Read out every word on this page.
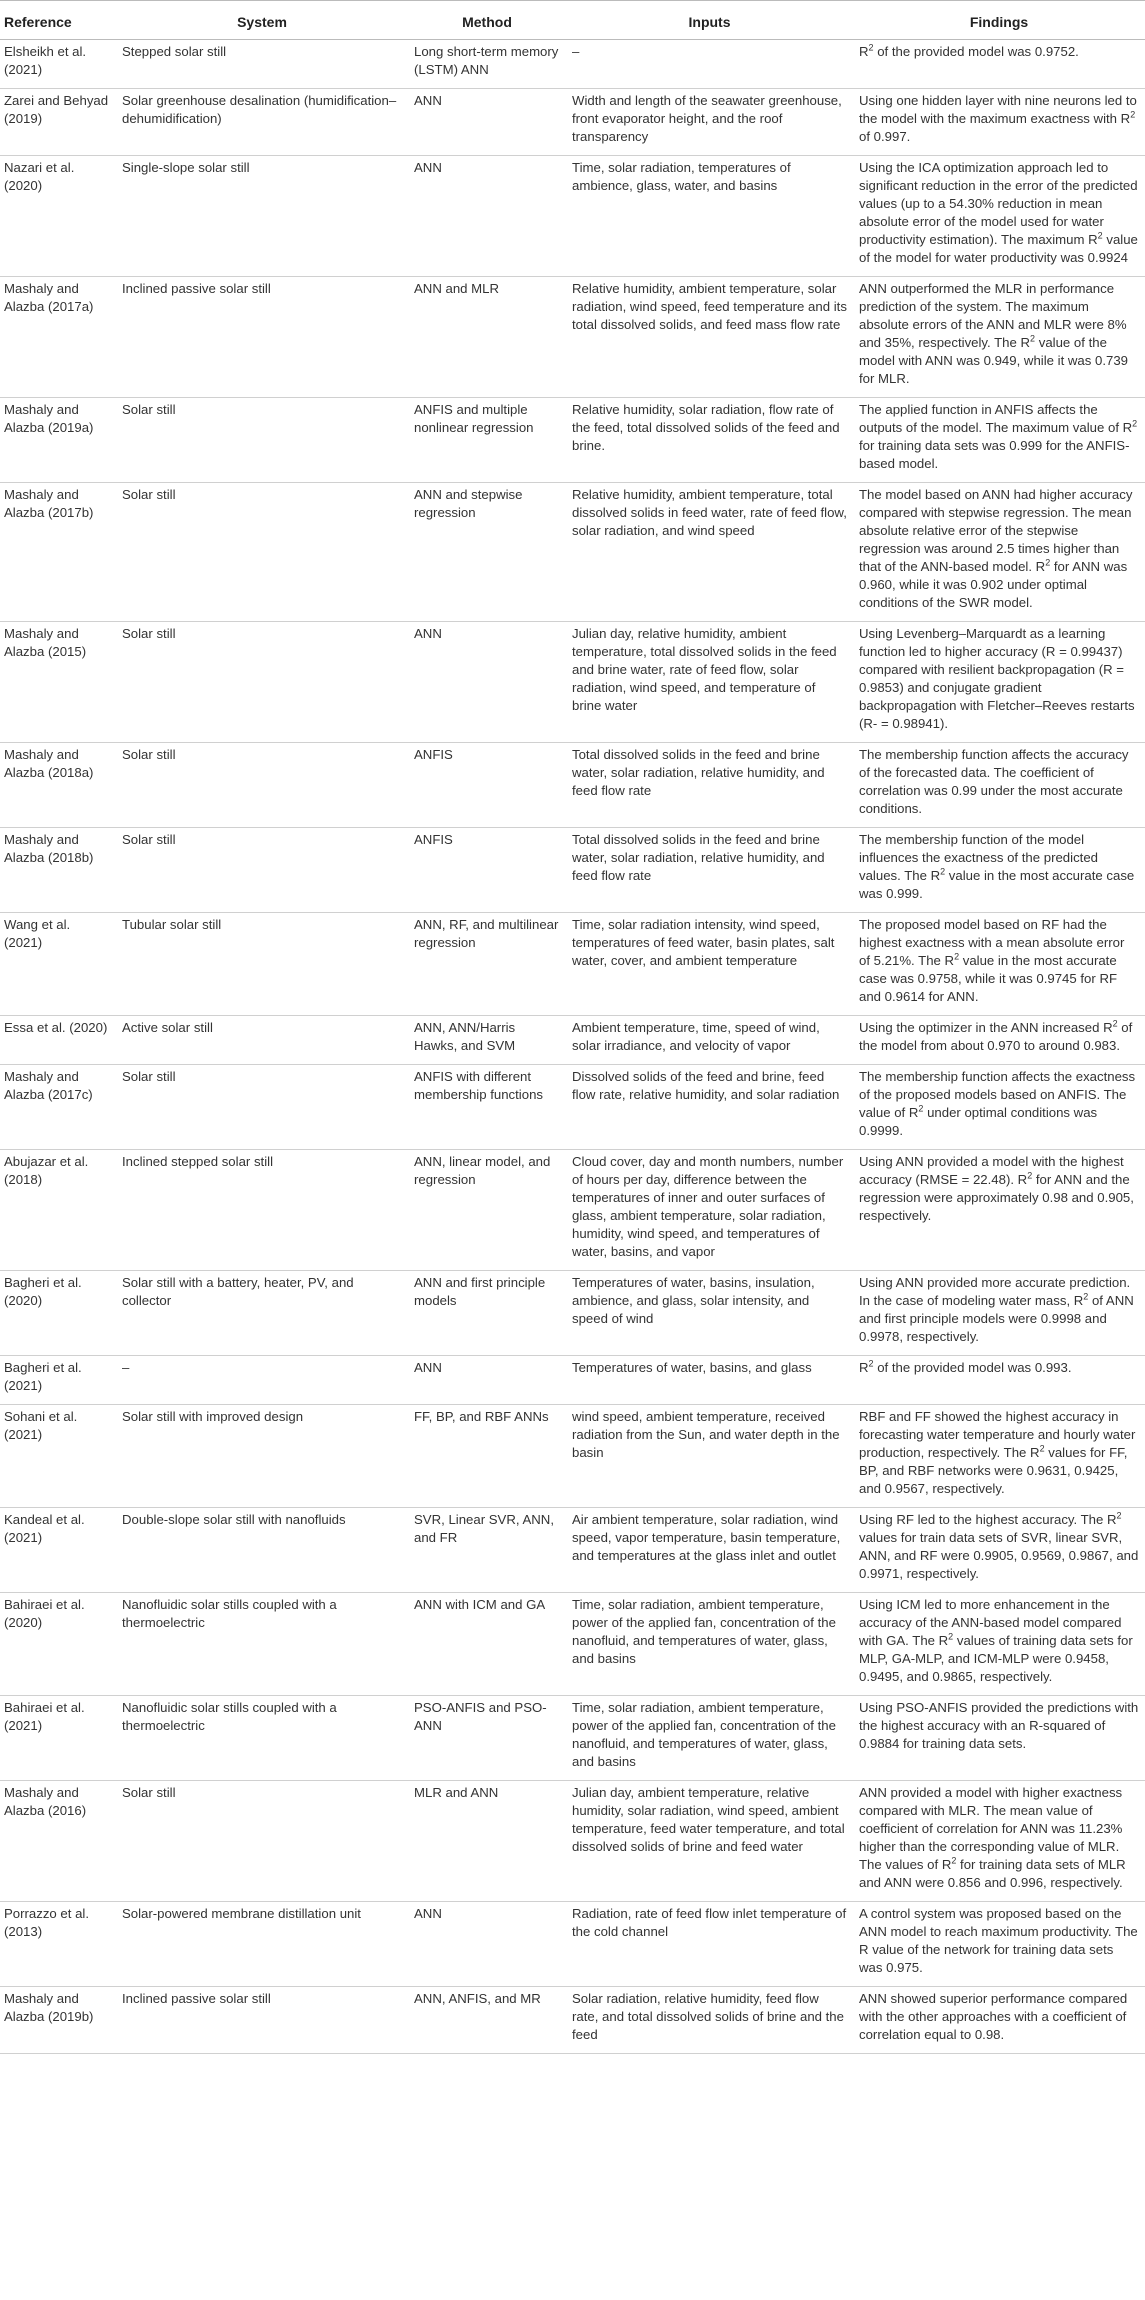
Reference	System	Method	Inputs	Findings
Elsheikh et al. (2021)	Stepped solar still	Long short-term memory (LSTM) ANN	–	$R^2$ of the provided model was 0.9752.
Zarei and Behyad (2019)	Solar greenhouse desalination (humidification–dehumidification)	ANN	Width and length of the seawater greenhouse, front evaporator height, and the roof transparency	Using one hidden layer with nine neurons led to the model with the maximum exactness with $R^2$ of 0.997.
Nazari et al. (2020)	Single-slope solar still	ANN	Time, solar radiation, temperatures of ambience, glass, water, and basins	Using the ICA optimization approach led to significant reduction in the error of the predicted values (up to a 54.30% reduction in mean absolute error of the model used for water productivity estimation). The maximum $R^2$ value of the model for water productivity was 0.9924
Mashaly and Alazba (2017a)	Inclined passive solar still	ANN and MLR	Relative humidity, ambient temperature, solar radiation, wind speed, feed temperature and its total dissolved solids, and feed mass flow rate	ANN outperformed the MLR in performance prediction of the system. The maximum absolute errors of the ANN and MLR were 8% and 35%, respectively. The $R^2$ value of the model with ANN was 0.949, while it was 0.739 for MLR.
Mashaly and Alazba (2019a)	Solar still	ANFIS and multiple nonlinear regression	Relative humidity, solar radiation, flow rate of the feed, total dissolved solids of the feed and brine.	The applied function in ANFIS affects the outputs of the model. The maximum value of $R^2$ for training data sets was 0.999 for the ANFIS-based model.
Mashaly and Alazba (2017b)	Solar still	ANN and stepwise regression	Relative humidity, ambient temperature, total dissolved solids in feed water, rate of feed flow, solar radiation, and wind speed	The model based on ANN had higher accuracy compared with stepwise regression. The mean absolute relative error of the stepwise regression was around 2.5 times higher than that of the ANN-based model. $R^2$ for ANN was 0.960, while it was 0.902 under optimal conditions of the SWR model.
Mashaly and Alazba (2015)	Solar still	ANN	Julian day, relative humidity, ambient temperature, total dissolved solids in the feed and brine water, rate of feed flow, solar radiation, wind speed, and temperature of brine water	Using Levenberg–Marquardt as a learning function led to higher accuracy (R = 0.99437) compared with resilient backpropagation (R = 0.9853) and conjugate gradient backpropagation with Fletcher–Reeves restarts (R- = 0.98941).
Mashaly and Alazba (2018a)	Solar still	ANFIS	Total dissolved solids in the feed and brine water, solar radiation, relative humidity, and feed flow rate	The membership function affects the accuracy of the forecasted data. The coefficient of correlation was 0.99 under the most accurate conditions.
Mashaly and Alazba (2018b)	Solar still	ANFIS	Total dissolved solids in the feed and brine water, solar radiation, relative humidity, and feed flow rate	The membership function of the model influences the exactness of the predicted values. The $R^2$ value in the most accurate case was 0.999.
Wang et al. (2021)	Tubular solar still	ANN, RF, and multilinear regression	Time, solar radiation intensity, wind speed, temperatures of feed water, basin plates, salt water, cover, and ambient temperature	The proposed model based on RF had the highest exactness with a mean absolute error of 5.21%. The $R^2$ value in the most accurate case was 0.9758, while it was 0.9745 for RF and 0.9614 for ANN.
Essa et al. (2020)	Active solar still	ANN, ANN/Harris Hawks, and SVM	Ambient temperature, time, speed of wind, solar irradiance, and velocity of vapor	Using the optimizer in the ANN increased $R^2$ of the model from about 0.970 to around 0.983.
Mashaly and Alazba (2017c)	Solar still	ANFIS with different membership functions	Dissolved solids of the feed and brine, feed flow rate, relative humidity, and solar radiation	The membership function affects the exactness of the proposed models based on ANFIS. The value of $R^2$ under optimal conditions was 0.9999.
Abujazar et al. (2018)	Inclined stepped solar still	ANN, linear model, and regression	Cloud cover, day and month numbers, number of hours per day, difference between the temperatures of inner and outer surfaces of glass, ambient temperature, solar radiation, humidity, wind speed, and temperatures of water, basins, and vapor	Using ANN provided a model with the highest accuracy (RMSE = 22.48). $R^2$ for ANN and the regression were approximately 0.98 and 0.905, respectively.
Bagheri et al. (2020)	Solar still with a battery, heater, PV, and collector	ANN and first principle models	Temperatures of water, basins, insulation, ambience, and glass, solar intensity, and speed of wind	Using ANN provided more accurate prediction. In the case of modeling water mass, $R^2$ of ANN and first principle models were 0.9998 and 0.9978, respectively.
Bagheri et al. (2021)	–	ANN	Temperatures of water, basins, and glass	$R^2$ of the provided model was 0.993.
Sohani et al. (2021)	Solar still with improved design	FF, BP, and RBF ANNs	wind speed, ambient temperature, received radiation from the Sun, and water depth in the basin	RBF and FF showed the highest accuracy in forecasting water temperature and hourly water production, respectively. The $R^2$ values for FF, BP, and RBF networks were 0.9631, 0.9425, and 0.9567, respectively.
Kandeal et al. (2021)	Double-slope solar still with nanofluids	SVR, Linear SVR, ANN, and FR	Air ambient temperature, solar radiation, wind speed, vapor temperature, basin temperature, and temperatures at the glass inlet and outlet	Using RF led to the highest accuracy. The $R^2$ values for train data sets of SVR, linear SVR, ANN, and RF were 0.9905, 0.9569, 0.9867, and 0.9971, respectively.
Bahiraei et al. (2020)	Nanofluidic solar stills coupled with a thermoelectric	ANN with ICM and GA	Time, solar radiation, ambient temperature, power of the applied fan, concentration of the nanofluid, and temperatures of water, glass, and basins	Using ICM led to more enhancement in the accuracy of the ANN-based model compared with GA. The $R^2$ values of training data sets for MLP, GA-MLP, and ICM-MLP were 0.9458, 0.9495, and 0.9865, respectively.
Bahiraei et al. (2021)	Nanofluidic solar stills coupled with a thermoelectric	PSO-ANFIS and PSO-ANN	Time, solar radiation, ambient temperature, power of the applied fan, concentration of the nanofluid, and temperatures of water, glass, and basins	Using PSO-ANFIS provided the predictions with the highest accuracy with an R-squared of 0.9884 for training data sets.
Mashaly and Alazba (2016)	Solar still	MLR and ANN	Julian day, ambient temperature, relative humidity, solar radiation, wind speed, ambient temperature, feed water temperature, and total dissolved solids of brine and feed water	ANN provided a model with higher exactness compared with MLR. The mean value of coefficient of correlation for ANN was 11.23% higher than the corresponding value of MLR. The values of $R^2$ for training data sets of MLR and ANN were 0.856 and 0.996, respectively.
Porrazzo et al. (2013)	Solar-powered membrane distillation unit	ANN	Radiation, rate of feed flow inlet temperature of the cold channel	A control system was proposed based on the ANN model to reach maximum productivity. The R value of the network for training data sets was 0.975.
Mashaly and Alazba (2019b)	Inclined passive solar still	ANN, ANFIS, and MR	Solar radiation, relative humidity, feed flow rate, and total dissolved solids of brine and the feed	ANN showed superior performance compared with the other approaches with a coefficient of correlation equal to 0.98.
